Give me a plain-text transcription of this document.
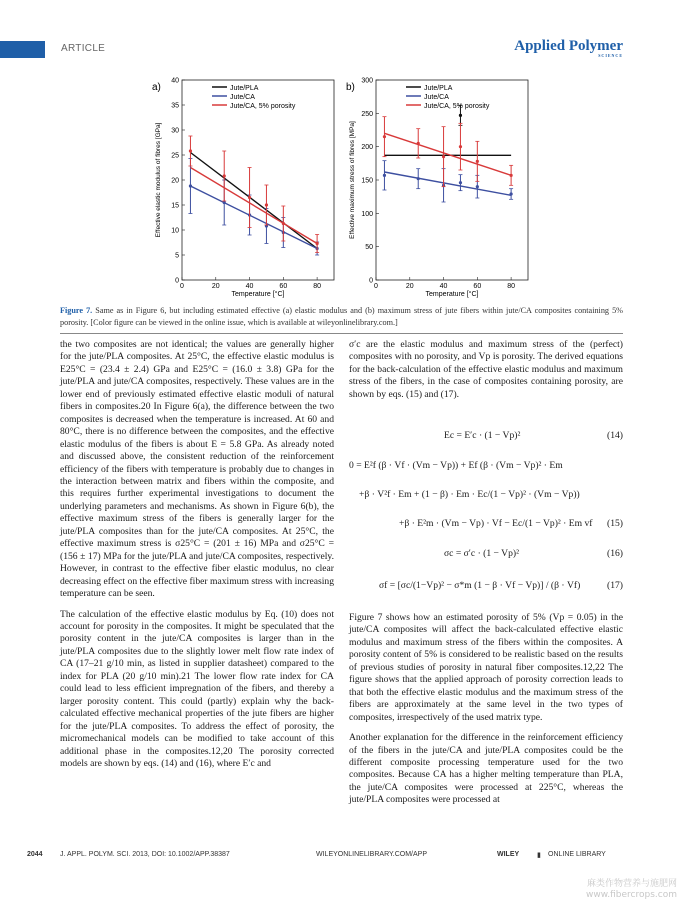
ARTICLE	Applied Polymer
SCIENCE
a)
0
5
10
15
20
25
30
35
40
0	20	40	60	80
Temperature [°C]
Effective elastic modulus of fibres [GPa]
Jute/PLA
Jute/CA
Jute/CA, 5% porosity
b)
0
50
100
150
200
250
300
0	20	40	60	80
Temperature [°C]
Effective maximum stress of fibres [MPa]
Jute/PLA
Jute/CA
Jute/CA, 5% porosity
Figure 7. Same as in Figure 6, but including estimated effective (a) elastic modulus and (b) maximum stress of jute fibers within jute/CA composites containing 5% porosity. [Color figure can be viewed in the online issue, which is available at wileyonlinelibrary.com.]

the two composites are not identical; the values are generally higher for the jute/PLA composites. At 25°C, the effective elastic modulus is E25°C = (23.4 ± 2.4) GPa and E25°C = (16.0 ± 3.8) GPa for the jute/PLA and jute/CA composites, respectively. These values are in the lower end of previously estimated effective elastic moduli of natural fibers in composites.20 In Figure 6(a), the difference between the two composites is decreased when the temperature is increased. At 60 and 80°C, there is no difference between the composites, and the effective elastic modulus of the fibers is about E = 5.8 GPa. As already noted and discussed above, the consistent reduction of the reinforcement efficiency of the fibers with temperature is probably due to changes in the interaction between matrix and fibers within the composite, and this requires further experimental investigations to document the underlying parameters and mechanisms. As shown in Figure 6(b), the effective maximum stress of the fibers is generally larger for the jute/PLA composites than for the jute/CA composites. At 25°C, the effective maximum stress is σ25°C = (201 ± 16) MPa and σ25°C = (156 ± 17) MPa for the jute/PLA and jute/CA composites, respectively. However, in contrast to the effective fiber elastic modulus, no clear decreasing effect on the effective fiber maximum stress with increasing temperature can be seen.

The calculation of the effective elastic modulus by Eq. (10) does not account for porosity in the composites. It might be speculated that the porosity content in the jute/CA composites is larger than in the jute/PLA composites due to the slightly lower melt flow rate index of CA (17–21 g/10 min, as listed in supplier datasheet) compared to the index for PLA (20 g/10 min).21 The lower flow rate index for CA could lead to less efficient impregnation of the fibers, and thereby a larger porosity content. This could (partly) explain why the back-calculated effective mechanical properties of the jute fibers are higher for the jute/PLA composites. To address the effect of porosity, the micromechanical models can be modified to take account of this additional phase in the composites.12,20 The porosity corrected models are shown by eqs. (14) and (16), where E′c and

σ′c are the elastic modulus and maximum stress of the (perfect) composites with no porosity, and Vp is porosity. The derived equations for the back-calculation of the effective elastic modulus and maximum stress of the fibers, in the case of composites containing porosity, are shown by eqs. (15) and (17).

Ec = E′c · (1 − Vp)²	(14)
0 = E²f (β · Vf · (Vm − Vp)) + Ef (β · (Vm − Vp)² · Em
+β · V²f · Em + (1 − β) · Em · Ec/(1 − Vp)² · (Vm − Vp))
+β · E²m · (Vm − Vp) · Vf − Ec/(1 − Vp)² · Em vf (15)
σc = σ′c · (1 − Vp)²	(16)
σf = [σc/(1−Vp)² − σ*m (1 − β · Vf − Vp)] / (β · Vf)	(17)

Figure 7 shows how an estimated porosity of 5% (Vp = 0.05) in the jute/CA composites will affect the back-calculated effective elastic modulus and maximum stress of the fibers within the composites. A porosity content of 5% is considered to be realistic based on the results of previous studies of porosity in natural fiber composites.12,22 The figure shows that the applied approach of porosity correction leads to that both the effective elastic modulus and the maximum stress of the fibers are approximately at the same level in the two types of composites, irrespectively of the used matrix type.

Another explanation for the difference in the reinforcement efficiency of the fibers in the jute/CA and jute/PLA composites could be the different composite processing temperature used for the two composites. Because CA has a higher melting temperature than PLA, the jute/CA composites were processed at 225°C, whereas the jute/PLA composites were processed at

2044 J. APPL. POLYM. SCI. 2013, DOI: 10.1002/APP.38387	WILEYONLINELIBRARY.COM/APP	WILEY	▮ ONLINE LIBRARY
麻类作物营养与施肥网
www.fibercrops.com
